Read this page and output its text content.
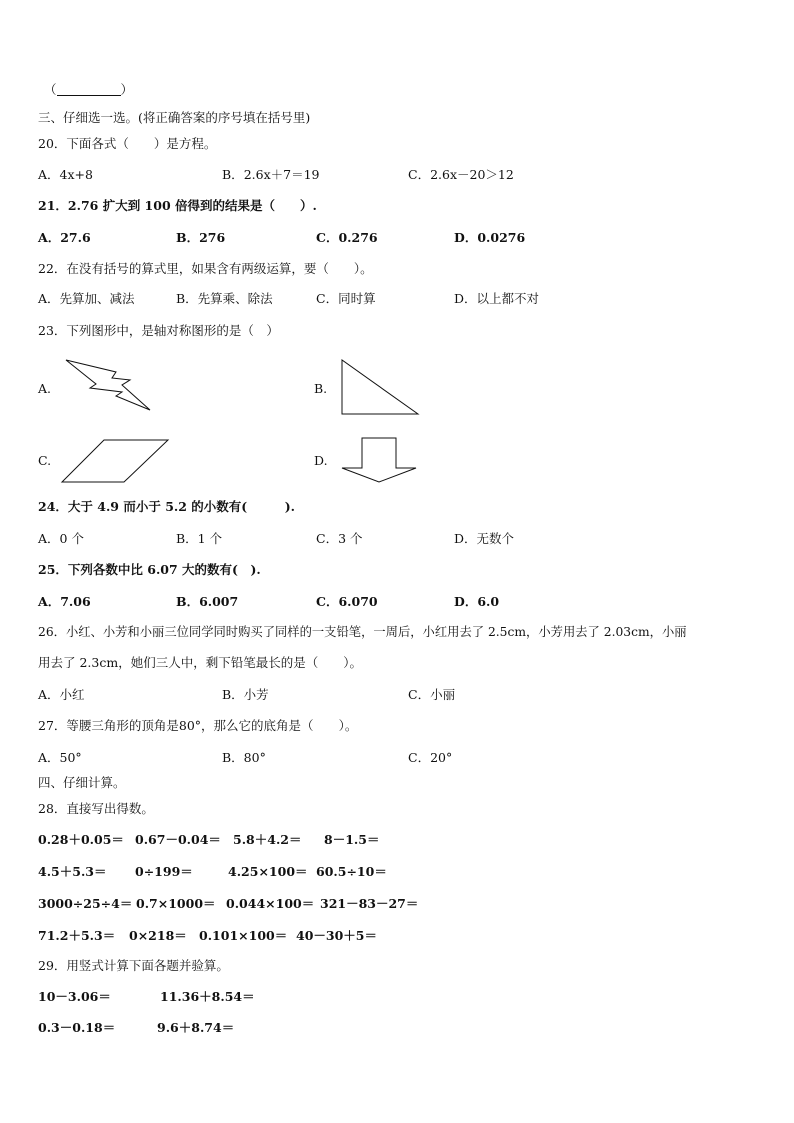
（	）
三、仔细选一选。(将正确答案的序号填在括号里)
20．下面各式（　　）是方程。
A．4x+8	B．2.6x＋7＝19	C．2.6x－20＞12
21．2.76 扩大到 100 倍得到的结果是（　　）.
A．27.6	B．276	C．0.276	D．0.0276
22．在没有括号的算式里，如果含有两级运算，要（　　）。
A．先算加、减法	B．先算乘、除法	C．同时算	D．以上都不对
23．下列图形中，是轴对称图形的是（　）
A.	B.
C.	D.
24．大于 4.9 而小于 5.2 的小数有(　　　).
A．0 个	B．1 个	C．3 个	D．无数个
25．下列各数中比 6.07 大的数有(　).
A．7.06	B．6.007	C．6.070	D．6.0
26．小红、小芳和小丽三位同学同时购买了同样的一支铅笔，一周后，小红用去了 2.5cm，小芳用去了 2.03cm，小丽
用去了 2.3cm，她们三人中，剩下铅笔最长的是（　　）。
A．小红	B．小芳	C．小丽
27．等腰三角形的顶角是80°，那么它的底角是（　　）。
A．50°	B．80°	C．20°
四、仔细计算。
28．直接写出得数。
0.28＋0.05＝ 0.67－0.04＝ 5.8＋4.2＝ 8－1.5＝
4.5＋5.3＝ 0÷199＝	4.25×100＝ 60.5÷10＝
3000÷25÷4＝ 0.7×1000＝ 0.044×100＝ 321－83－27＝
71.2＋5.3＝ 0×218＝ 0.101×100＝ 40－30＋5＝
29．用竖式计算下面各题并验算。
10－3.06＝	11.36＋8.54＝
0.3－0.18＝	9.6＋8.74＝
